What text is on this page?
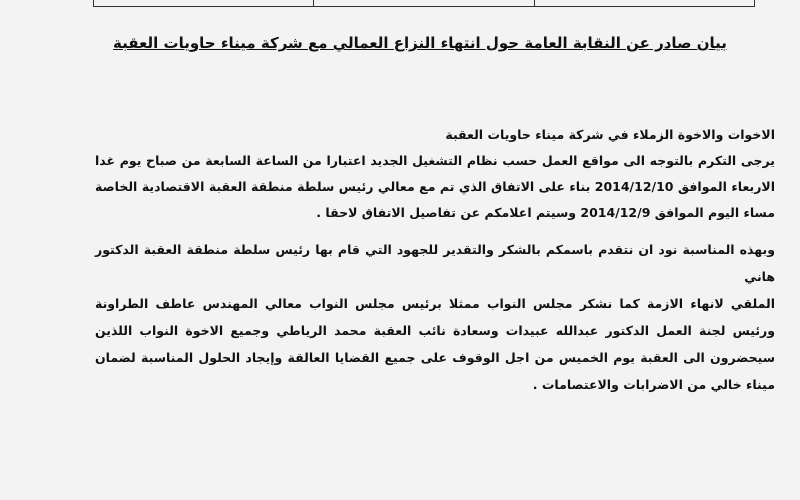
بيان صادر عن النقابة العامة حول انتهاء النزاع العمالي مع شركة ميناء حاويات العقبة
الاخوات والاخوة الزملاء في شركة ميناء حاويات العقبة
يرجى التكرم بالتوجه الى مواقع العمل حسب نظام التشغيل الجديد اعتبارا من الساعة السابعة من صباح يوم غدا
الاربعاء الموافق 2014/12/10 بناء على الاتفاق الذي تم مع معالي رئيس سلطة منطقة العقبة الاقتصادية الخاصة
مساء اليوم الموافق 2014/12/9 وسيتم اعلامكم عن تفاصيل الاتفاق لاحقا .
وبهذه المناسبة نود ان نتقدم باسمكم بالشكر والتقدير للجهود التي قام بها رئيس سلطة منطقة العقبة الدكتور هاني
الملقي لانهاء الازمة كما نشكر مجلس النواب ممثلا برئيس مجلس النواب معالي المهندس عاطف الطراونة
ورئيس لجنة العمل الدكتور عبدالله عبيدات وسعادة نائب العقبة محمد الرياطي وجميع الاخوة النواب اللذين
سيحضرون الى العقبة يوم الخميس من اجل الوقوف على جميع القضايا العالقة وإيجاد الحلول المناسبة لضمان
ميناء خالي من الاضرابات والاعتصامات .
